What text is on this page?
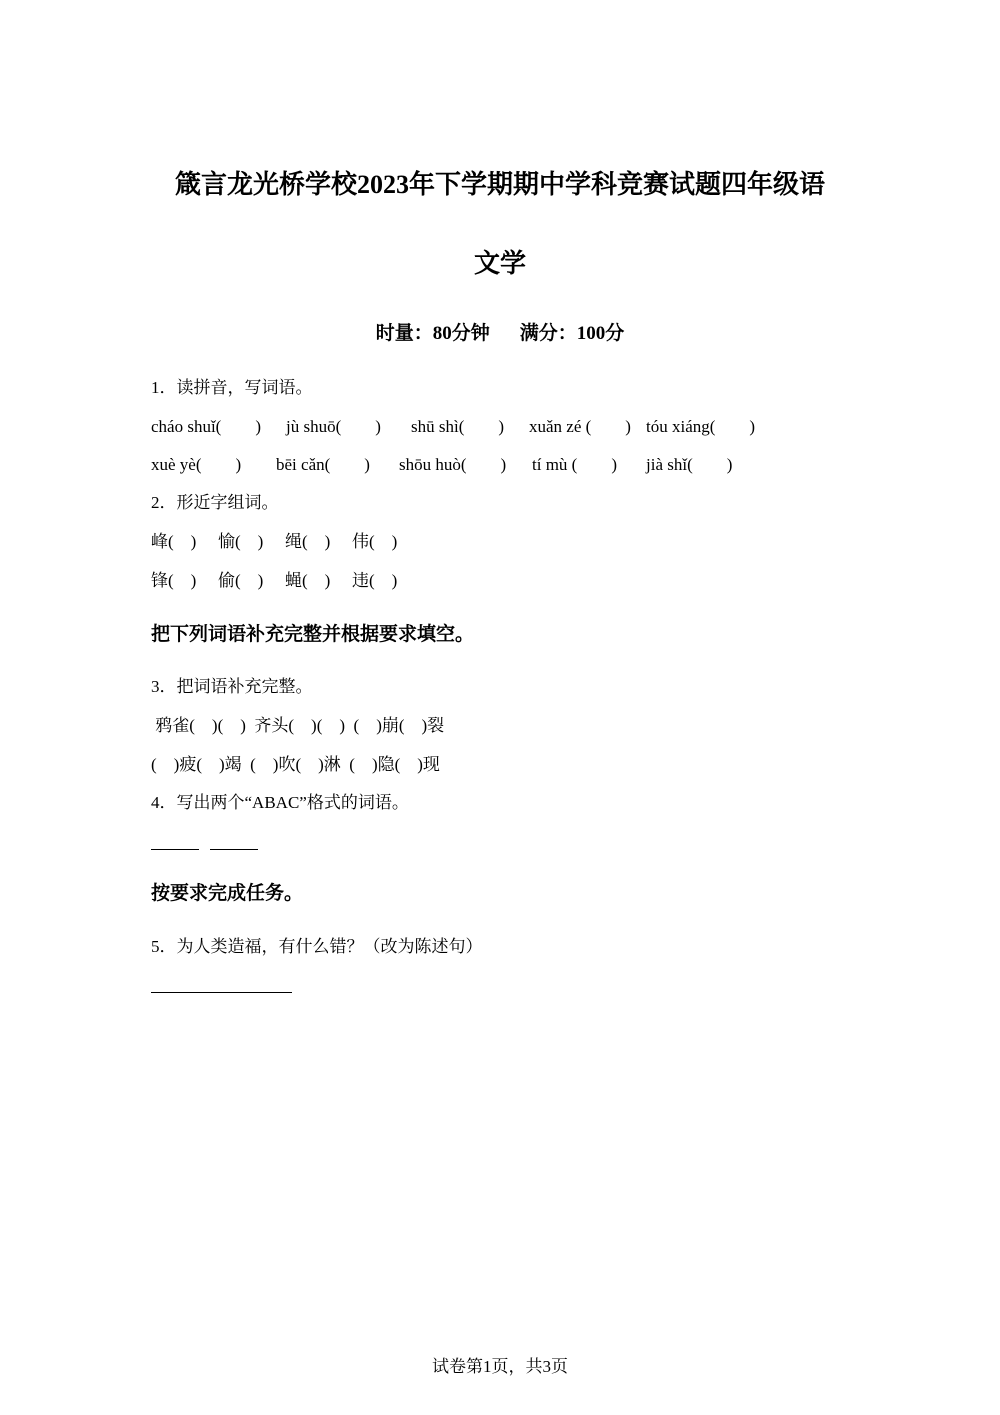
箴言龙光桥学校2023年下学期期中学科竞赛试题四年级语
文学
时量：80分钟 满分：100分
1．读拼音，写词语。

cháo shuǐ(　　)

jù shuō(　　)

shū shì(　　)

xuǎn zé (　　)

tóu xiáng(　　)

xuè yè(　　)

bēi cǎn(　　)

shōu huò(　　)

tí mù (　　)

jià shǐ(　　)

2．形近字组词。

峰(　)

愉(　)

绳(　)

伟(　)

锋(　)

偷(　)

蝇(　)

违(　)

把下列词语补充完整并根据要求填空。
3．把词语补充完整。
鸦雀(　)(　)  齐头(　)(　)  (　)崩(　)裂
(　)疲(　)竭  (　)吹(　)淋  (　)隐(　)现
4．写出两个“ABAC”格式的词语。
按要求完成任务。
5．为人类造福，有什么错？（改为陈述句）
试卷第1页，共3页
